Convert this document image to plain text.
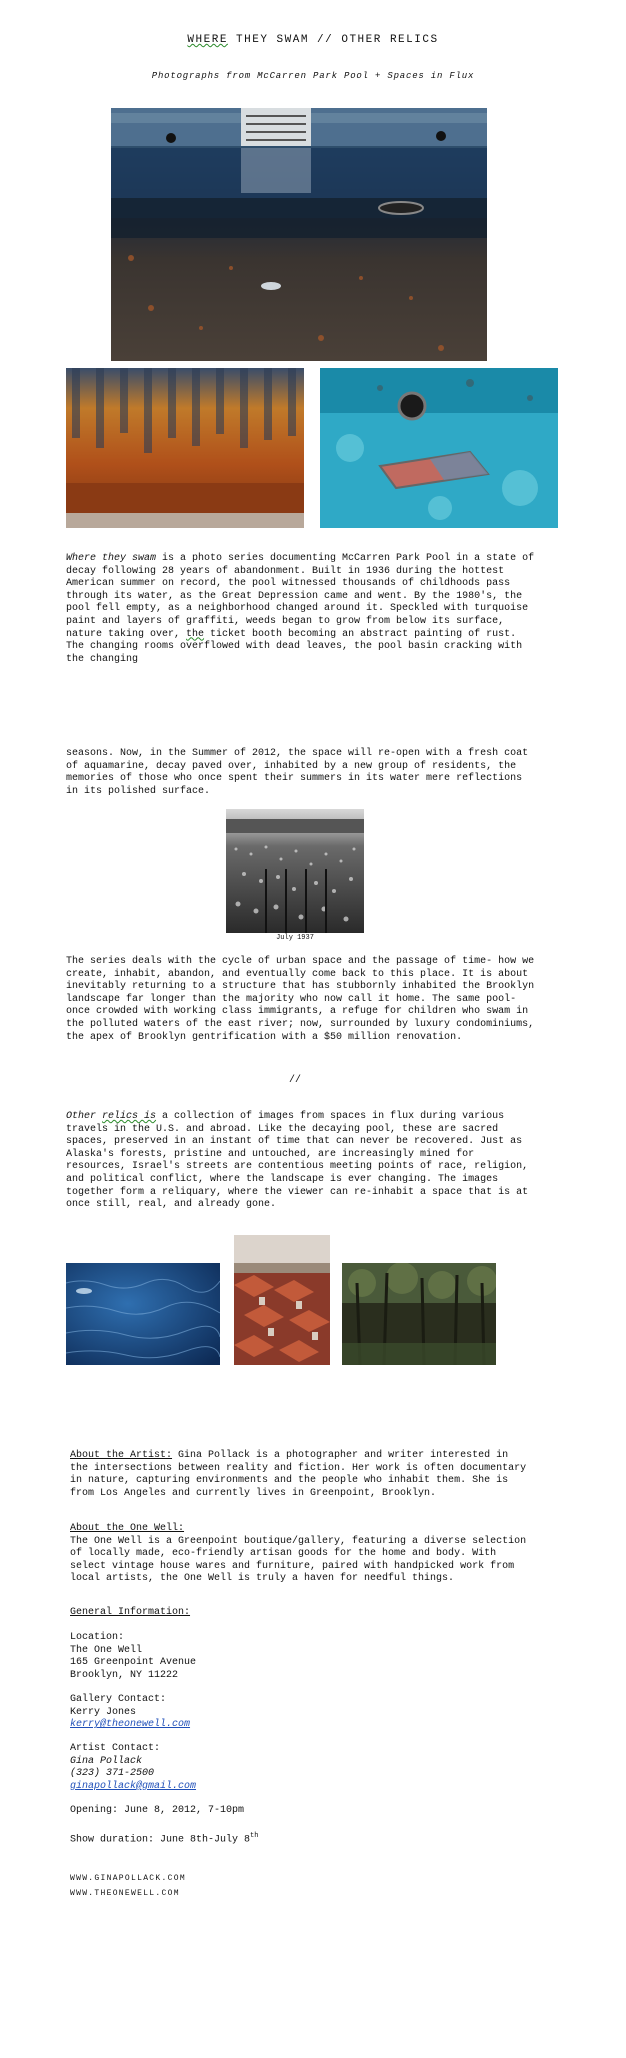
WHERE THEY SWAM // OTHER RELICS
Photographs from McCarren Park Pool + Spaces in Flux
Where they swam is a photo series documenting McCarren Park Pool in a state of decay following 28 years of abandonment. Built in 1936 during the hottest American summer on record, the pool witnessed thousands of childhoods pass through its water, as the Great Depression came and went. By the 1980's, the pool fell empty, as a neighborhood changed around it. Speckled with turquoise paint and layers of graffiti, weeds began to grow from below its surface, nature taking over, the ticket booth becoming an abstract painting of rust. The changing rooms overflowed with dead leaves, the pool basin cracking with the changing
seasons. Now, in the Summer of 2012, the space will re-open with a fresh coat of aquamarine, decay paved over, inhabited by a new group of residents, the memories of those who once spent their summers in its water mere reflections in its polished surface.
July 1937
The series deals with the cycle of urban space and the passage of time- how we create, inhabit, abandon, and eventually come back to this place. It is about inevitably returning to a structure that has stubbornly inhabited the Brooklyn landscape far longer than the majority who now call it home. The same pool- once crowded with working class immigrants, a refuge for children who swam in the polluted waters of the east river; now, surrounded by luxury condominiums, the apex of Brooklyn gentrification with a $50 million renovation.
//
Other relics is a collection of images from spaces in flux during various travels in the U.S. and abroad. Like the decaying pool, these are sacred spaces, preserved in an instant of time that can never be recovered. Just as Alaska's forests, pristine and untouched, are increasingly mined for resources, Israel's streets are contentious meeting points of race, religion, and political conflict, where the landscape is ever changing. The images together form a reliquary, where the viewer can re-inhabit a space that is at once still, real, and already gone.
About the Artist: Gina Pollack is a photographer and writer interested in the intersections between reality and fiction. Her work is often documentary in nature, capturing environments and the people who inhabit them. She is from Los Angeles and currently lives in Greenpoint, Brooklyn.
About the One Well:
The One Well is a Greenpoint boutique/gallery, featuring a diverse selection of locally made, eco-friendly artisan goods for the home and body. With select vintage house wares and furniture, paired with handpicked work from local artists, the One Well is truly a haven for needful things.
General Information:
Location:
The One Well
165 Greenpoint Avenue
Brooklyn, NY 11222
Gallery Contact:
Kerry Jones
kerry@theonewell.com
Artist Contact:
Gina Pollack
(323) 371-2500
ginapollack@gmail.com
Opening: June 8, 2012, 7-10pm
Show duration: June 8th-July 8th
WWW.GINAPOLLACK.COM
WWW.THEONEWELL.COM
